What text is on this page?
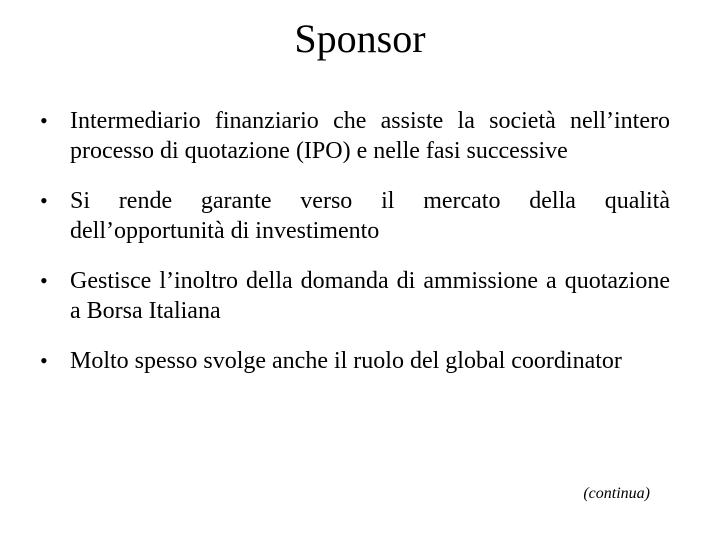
Sponsor
• Intermediario finanziario che assiste la società nell’intero processo di quotazione (IPO) e nelle fasi successive
• Si rende garante verso il mercato della qualità dell’opportunità di investimento
• Gestisce l’inoltro della domanda di ammissione a quotazione a Borsa Italiana
• Molto spesso svolge anche il ruolo del global coordinator
(continua)
